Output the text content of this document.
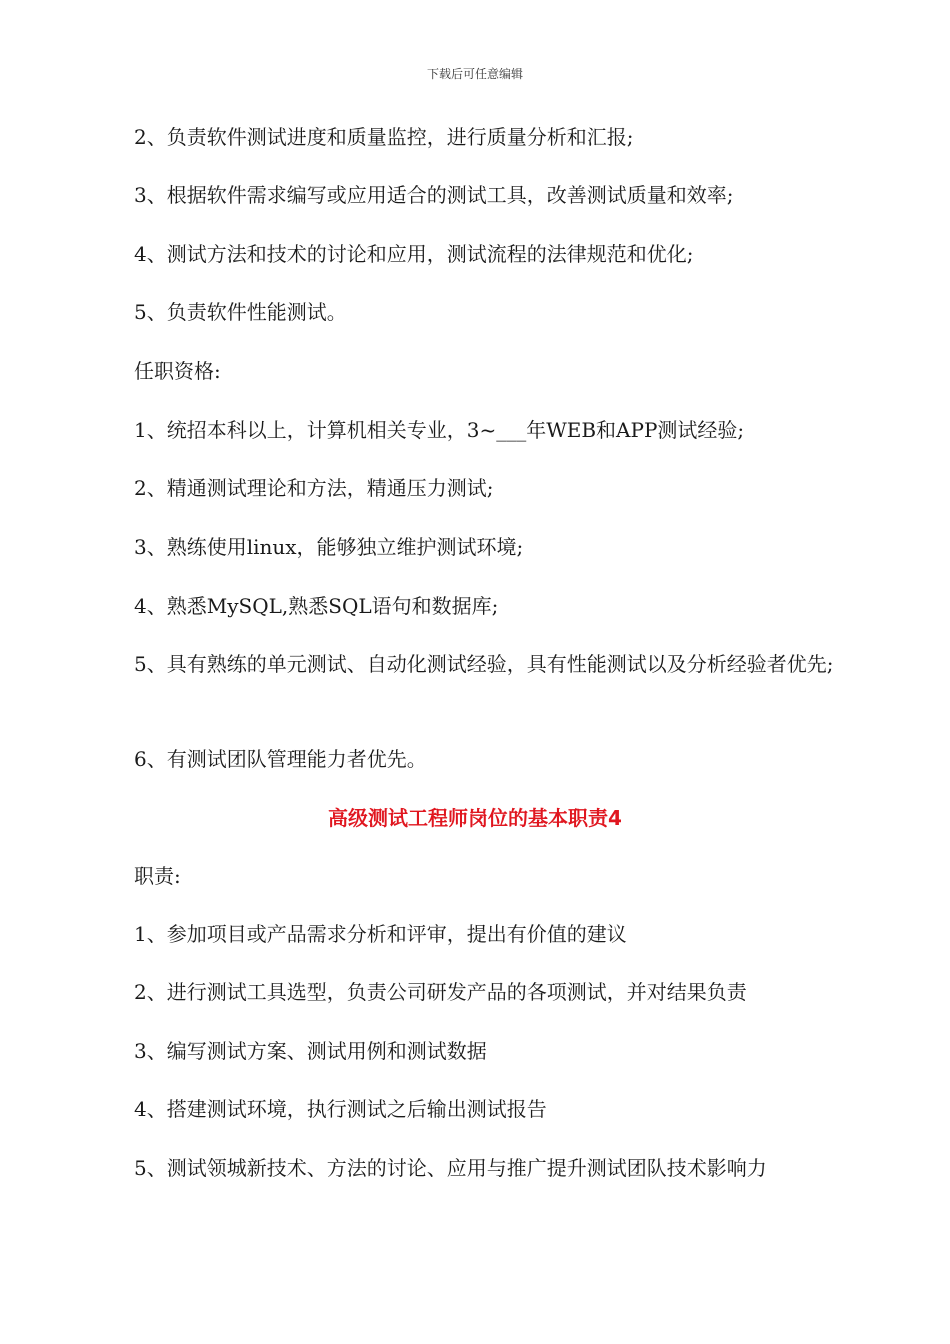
下载后可任意编辑
2、负责软件测试进度和质量监控，进行质量分析和汇报;
3、根据软件需求编写或应用适合的测试工具，改善测试质量和效率;
4、测试方法和技术的讨论和应用，测试流程的法律规范和优化;
5、负责软件性能测试。
任职资格:
1、统招本科以上，计算机相关专业，3~___年WEB和APP测试经验;
2、精通测试理论和方法，精通压力测试;
3、熟练使用linux，能够独立维护测试环境;
4、熟悉MySQL,熟悉SQL语句和数据库;
5、具有熟练的单元测试、自动化测试经验，具有性能测试以及分析经验者优先;
6、有测试团队管理能力者优先。
高级测试工程师岗位的基本职责4
职责:
1、参加项目或产品需求分析和评审，提出有价值的建议
2、进行测试工具选型，负责公司研发产品的各项测试，并对结果负责
3、编写测试方案、测试用例和测试数据
4、搭建测试环境，执行测试之后输出测试报告
5、测试领城新技术、方法的讨论、应用与推广提升测试团队技术影响力
